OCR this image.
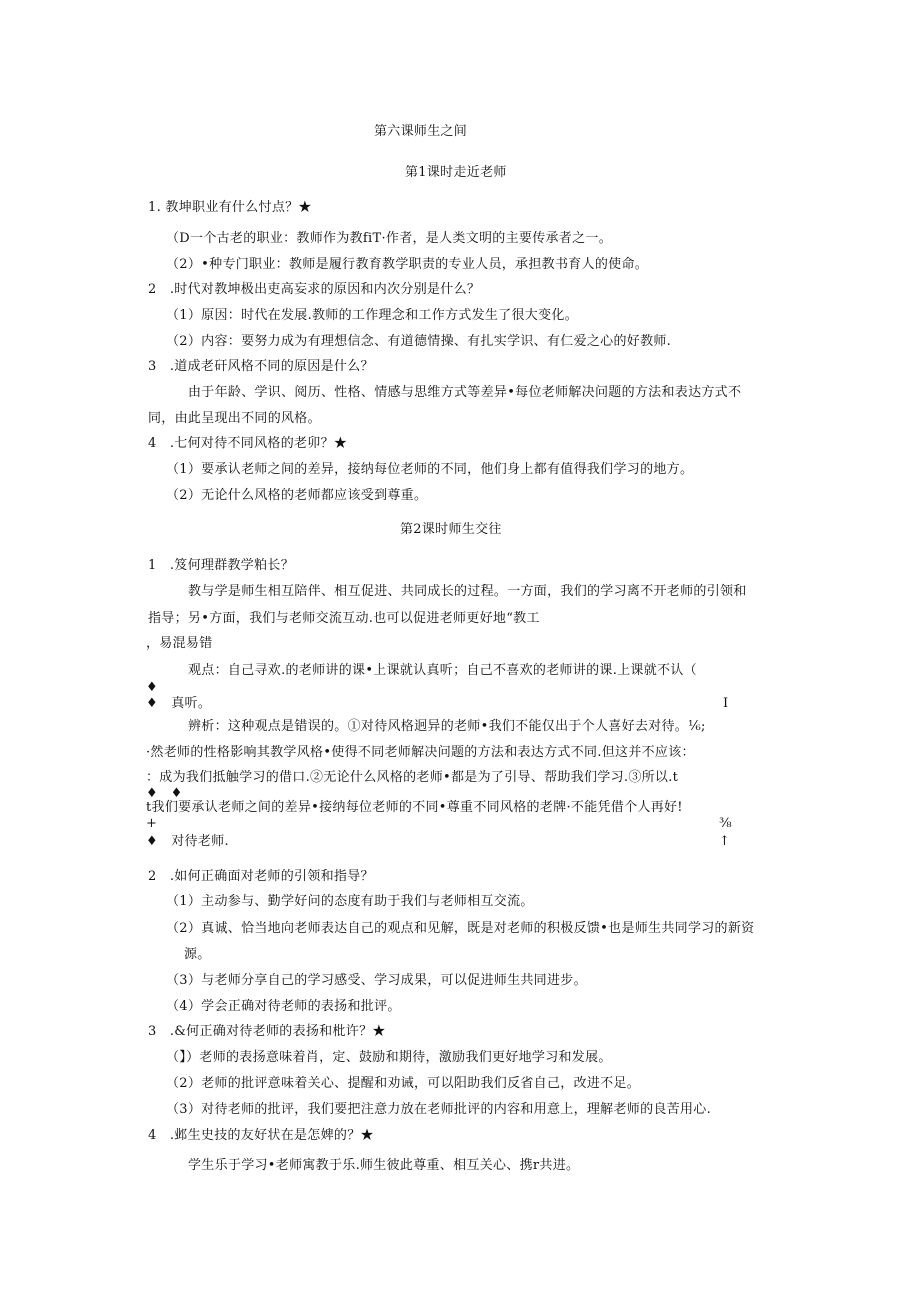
第六课师生之间
第1课时走近老师
1. 教坤职业有什么忖点？★
（D一个古老的职业：教师作为教fiT·作者，是人类文明的主要传承者之一。
（2）•种专门职业：教师是履行教育教学职责的专业人员，承担教书育人的使命。
2　.时代对教坤极出吏高妄求的原因和内次分别是什么？
（1）原因：时代在发展.教师的工作理念和工作方式发生了很大变化。
（2）内容：要努力成为有理想信念、有道德情操、有扎实学识、有仁爱之心的好教师.
3　.道成老矸风格不同的原因是什么？
由于年龄、学识、阅历、性格、情感与思维方式等差异•每位老师解决问题的方法和表达方式不
同，由此呈现出不同的风格。
4　.七何对待不同风格的老卯？★
（1）要承认老师之间的差异，接纳每位老师的不同，他们身上都有值得我们学习的地方。
（2）无论什么风格的老师都应该受到尊重。
第2课时师生交往
1　.笈何理群教学粕长？
教与学是师生相互陪伴、相互促进、共同成长的过程。一方面，我们的学习离不开老师的引领和
指导；另•方面，我们与老师交流互动.也可以促进老师更好地“教工
，易混易错
观点：自己寻欢.的老师讲的课•上课就认真听；自己不喜欢的老师讲的课.上课就不认（
♦
♦　真听。	I
辨析：这种观点是错误的。①对待风格迥异的老师•我们不能仅出于个人喜好去对待。⅙;
·然老师的性格影响其教学风格•使得不同老师解决问题的方法和表达方式不同.但这并不应该：
：成为我们抵触学习的借口.②无论什么风格的老师•都是为了引导、帮助我们学习.③所以.t
♦　♦
t我们要承认老师之间的差异•接纳每位老师的不同•尊重不同风格的老牌·不能凭借个人再好!
+	⅜
♦　对待老师.	↑
2　.如何正确面对老师的引领和指导？
（1）主动参与、勤学好问的态度有助于我们与老师相互交流。
（2）真诚、恰当地向老师表达自己的观点和见解，既是对老师的积极反馈•也是师生共同学习的新资
源。
（3）与老师分享自己的学习感受、学习成果，可以促进师生共同进步。
（4）学会正确对待老师的表扬和批评。
3　.&何正确对待老师的表扬和枇许？★
（】）老师的表扬意味着肖，定、鼓励和期待，激励我们更好地学习和发展。
（2）老师的批评意味着关心、提醒和劝诫，可以阳助我们反省自己，改进不足。
（3）对待老师的批评，我们要把注意力放在老师批评的内容和用意上，理解老师的良苦用心.
4　.邺生史技的友好状在是怎婢的？★
学生乐于学习•老师寓教于乐.师生彼此尊重、相互关心、携r共进。
